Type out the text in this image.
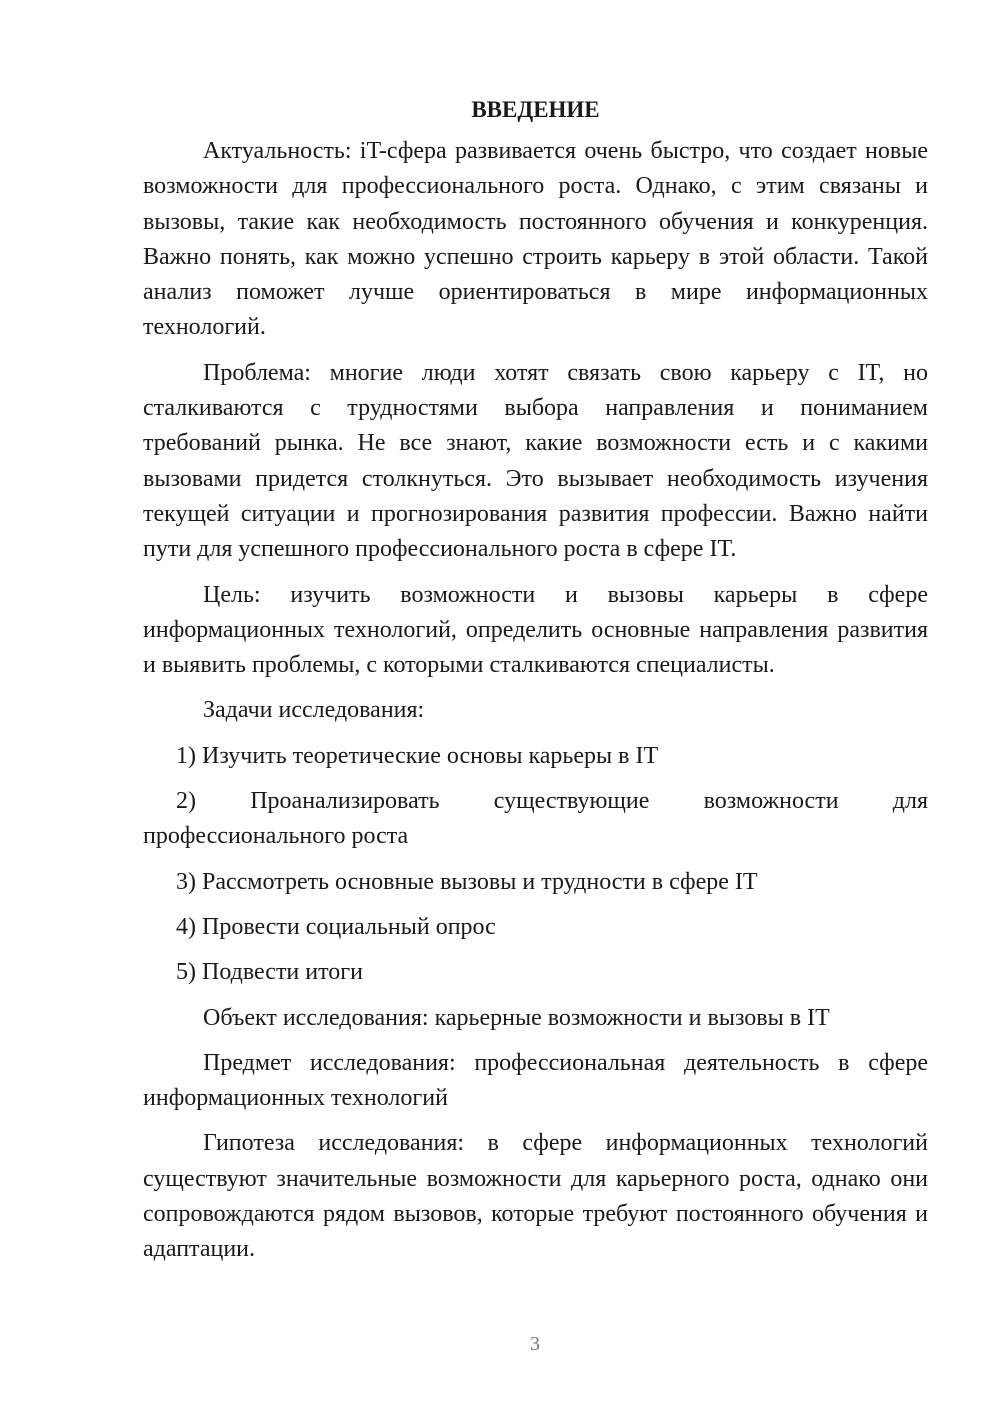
ВВЕДЕНИЕ

Актуальность: iT-сфера развивается очень быстро, что создает новые возможности для профессионального роста. Однако, с этим связаны и вызовы, такие как необходимость постоянного обучения и конкуренция. Важно понять, как можно успешно строить карьеру в этой области. Такой анализ поможет лучше ориентироваться в мире информационных технологий.

Проблема: многие люди хотят связать свою карьеру с IT, но сталкиваются с трудностями выбора направления и пониманием требований рынка. Не все знают, какие возможности есть и с какими вызовами придется столкнуться. Это вызывает необходимость изучения текущей ситуации и прогнозирования развития профессии. Важно найти пути для успешного профессионального роста в сфере IT.

Цель: изучить возможности и вызовы карьеры в сфере информационных технологий, определить основные направления развития и выявить проблемы, с которыми сталкиваются специалисты.

Задачи исследования:

1) Изучить теоретические основы карьеры в IT

2) Проанализировать существующие возможности для профессионального роста

3) Рассмотреть основные вызовы и трудности в сфере IT

4) Провести социальный опрос

5) Подвести итоги

Объект исследования: карьерные возможности и вызовы в IT

Предмет исследования: профессиональная деятельность в сфере информационных технологий

Гипотеза исследования: в сфере информационных технологий существуют значительные возможности для карьерного роста, однако они сопровождаются рядом вызовов, которые требуют постоянного обучения и адаптации.

3
